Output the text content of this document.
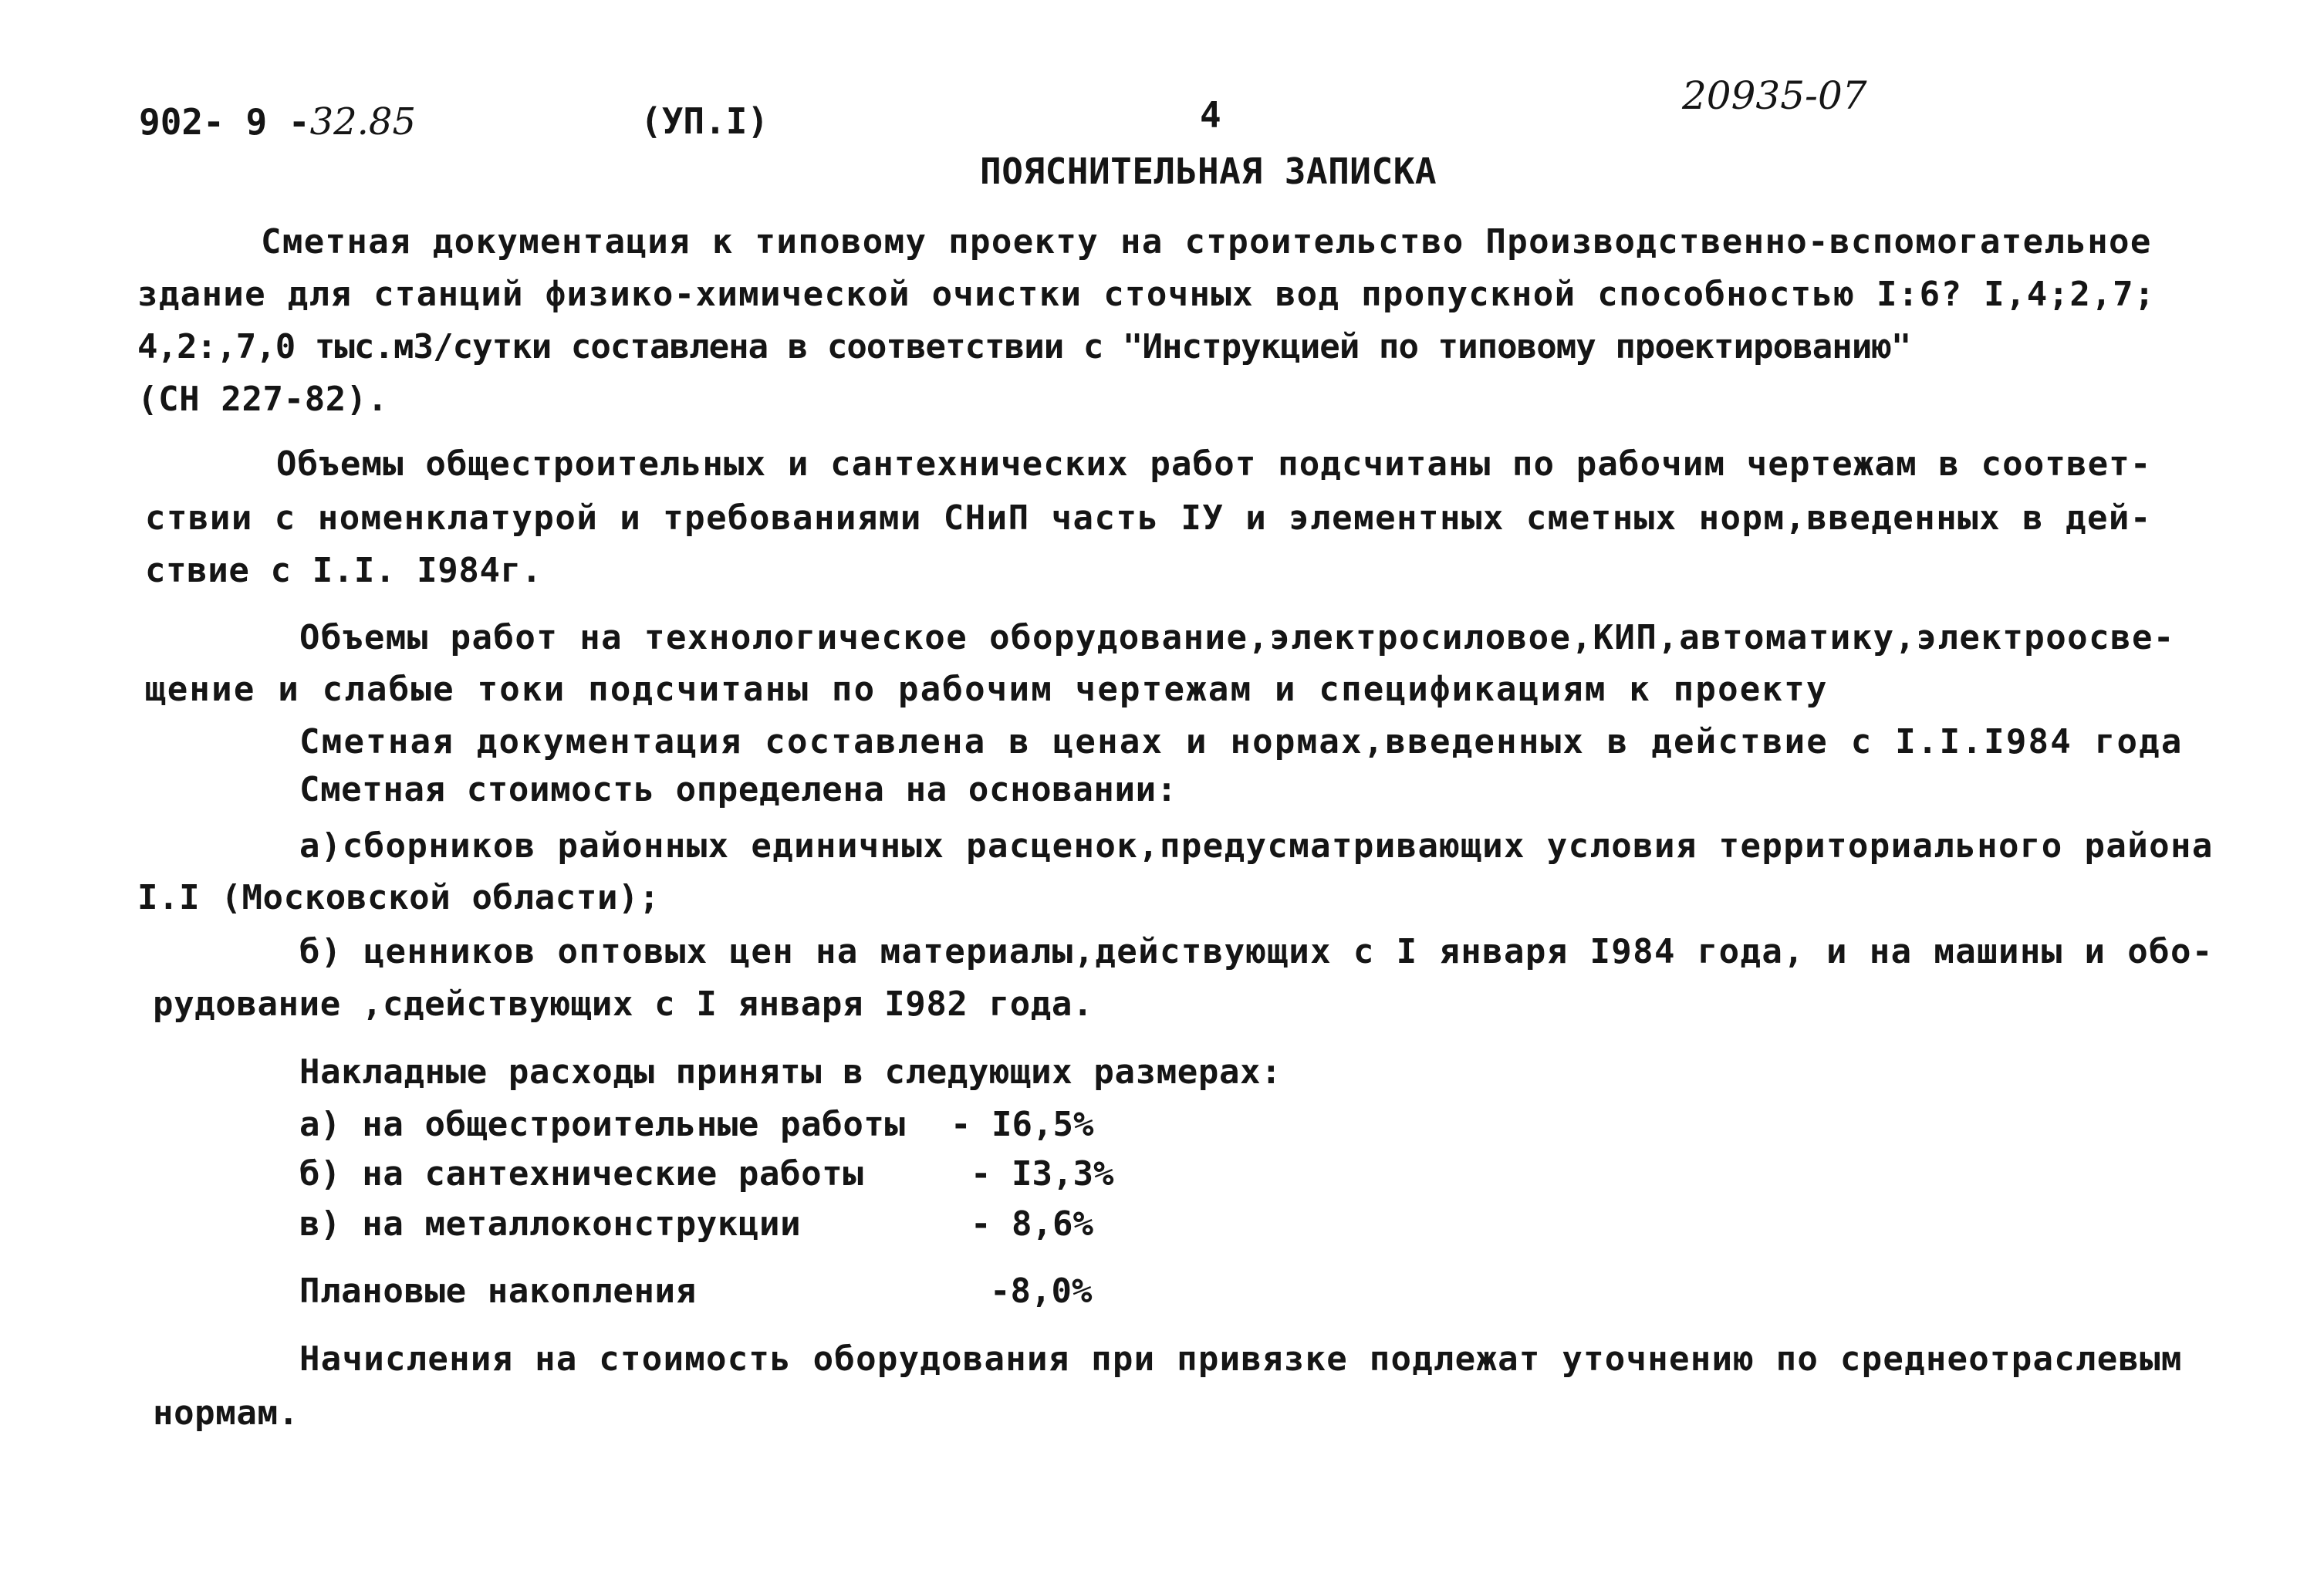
902- 9 -32.85	(УП.I)	4	20935-07
ПОЯСНИТЕЛЬНАЯ ЗАПИСКА
Сметная документация к типовому проекту на строительство Производственно-вспомогательное
здание для станций физико-химической очистки сточных вод пропускной способностью I:6? I,4;2,7;
4,2:,7,0 тыс.м3/сутки составлена в соответствии с "Инструкцией по типовому проектированию"
(СН 227-82).
Объемы общестроительных и сантехнических работ подсчитаны по рабочим чертежам в соответ-
ствии с номенклатурой и требованиями СНиП часть IУ и элементных сметных норм,введенных в дей-
ствие с I.I. I984г.
Объемы работ на технологическое оборудование,электросиловое,КИП,автоматику,электроосве-
щение и слабые токи подсчитаны по рабочим чертежам и спецификациям к проекту
Сметная документация составлена в ценах и нормах,введенных в действие с I.I.I984 года
Сметная стоимость определена на основании:
а)сборников районных единичных расценок,предусматривающих условия территориального района
I.I (Московской области);
б) ценников оптовых цен на материалы,действующих с I января I984 года, и на машины и обо-
рудование ,сдействующих с I января I982 года.
Накладные расходы приняты в следующих размерах:
а) на общестроительные работы - I6,5%
б) на сантехнические работы	- I3,3%
в) на металлоконструкции	- 8,6%
Плановые накопления	-8,0%
Начисления на стоимость оборудования при привязке подлежат уточнению по среднеотраслевым
нормам.
